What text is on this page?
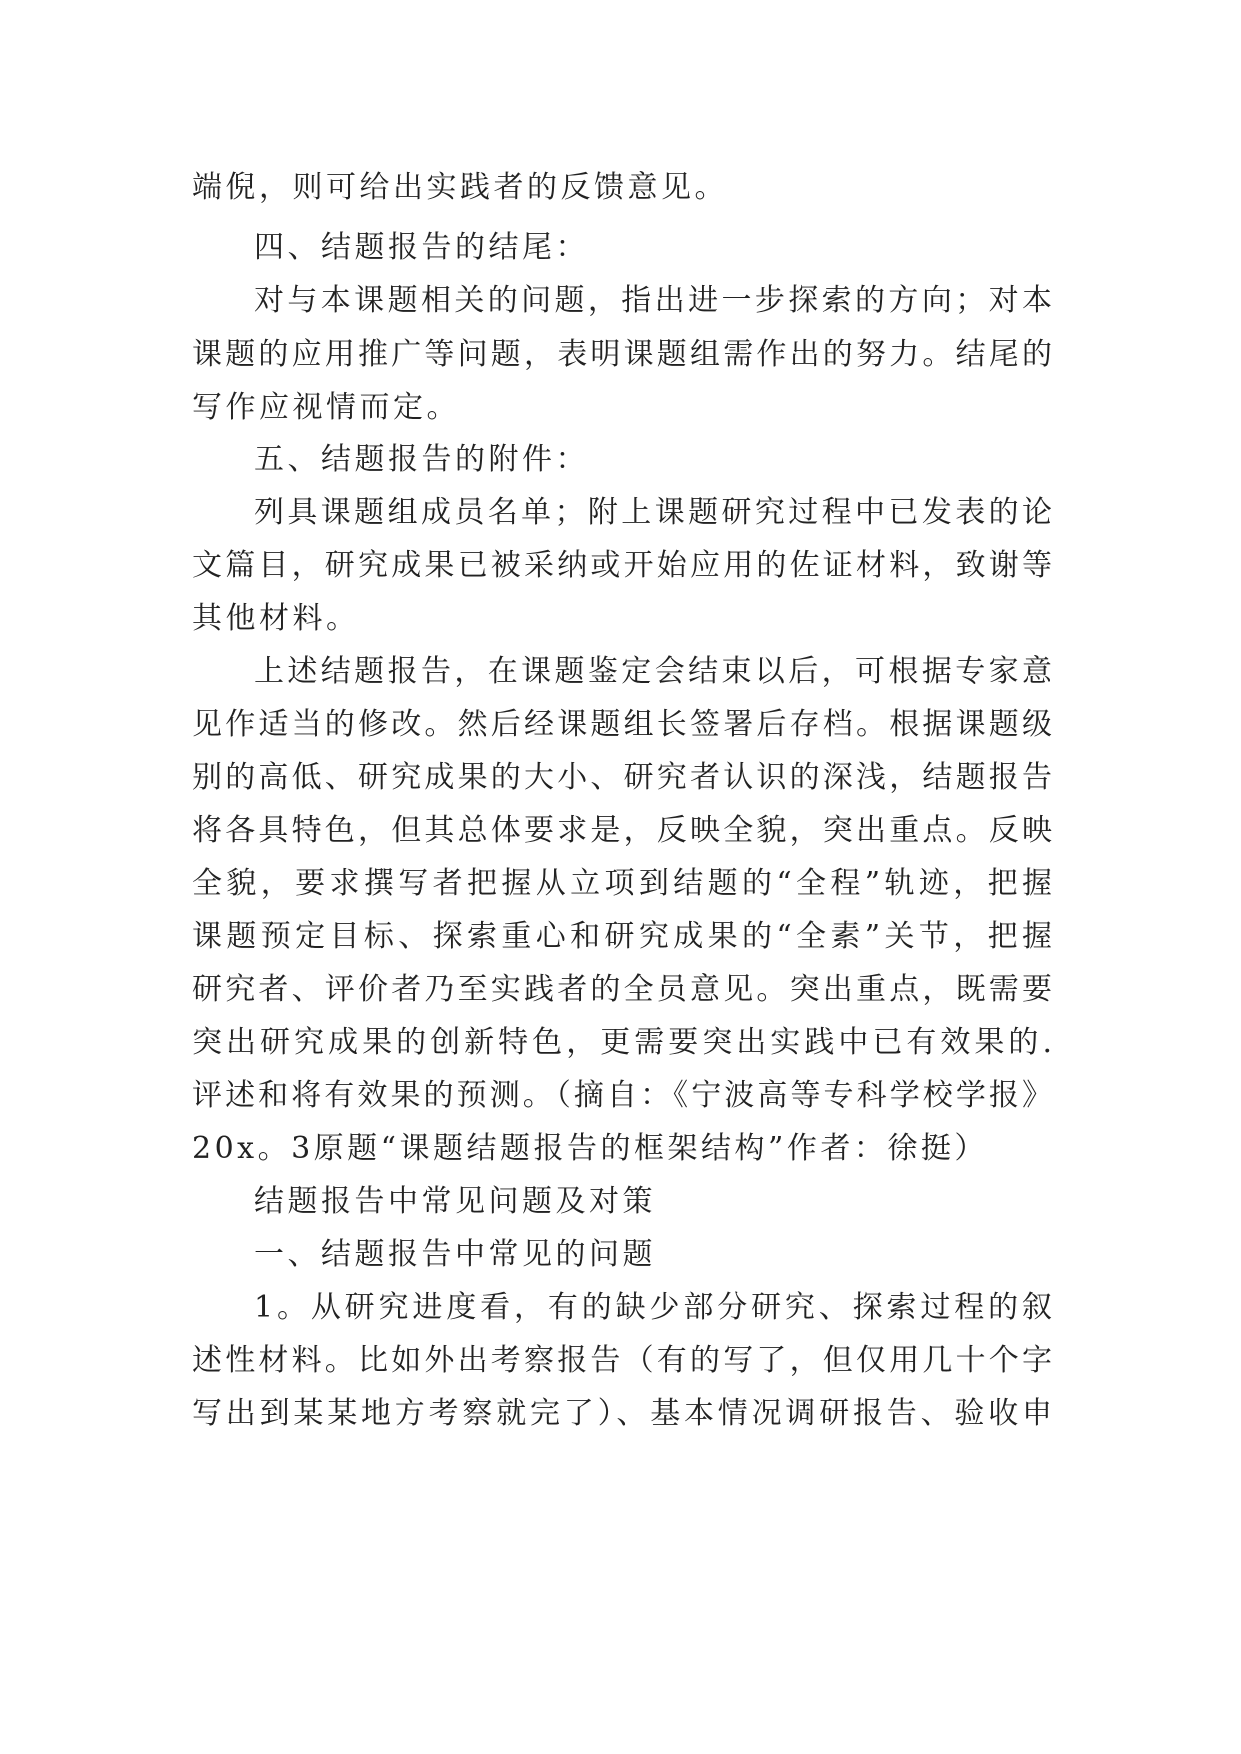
端倪，则可给出实践者的反馈意见。
四、结题报告的结尾：
对与本课题相关的问题，指出进一步探索的方向；对本
课题的应用推广等问题，表明课题组需作出的努力。结尾的
写作应视情而定。
五、结题报告的附件：
列具课题组成员名单；附上课题研究过程中已发表的论
文篇目，研究成果已被采纳或开始应用的佐证材料，致谢等
其他材料。
上述结题报告，在课题鉴定会结束以后，可根据专家意
见作适当的修改。然后经课题组长签署后存档。根据课题级
别的高低、研究成果的大小、研究者认识的深浅，结题报告
将各具特色，但其总体要求是，反映全貌，突出重点。反映
全貌，要求撰写者把握从立项到结题的“全程”轨迹，把握
课题预定目标、探索重心和研究成果的“全素”关节，把握
研究者、评价者乃至实践者的全员意见。突出重点，既需要
突出研究成果的创新特色，更需要突出实践中已有效果的.
评述和将有效果的预测。（摘自：《宁波高等专科学校学报》
20x。3原题“课题结题报告的框架结构”作者：徐挺）
结题报告中常见问题及对策
一、结题报告中常见的问题
1。从研究进度看，有的缺少部分研究、探索过程的叙
述性材料。比如外出考察报告（有的写了，但仅用几十个字
写出到某某地方考察就完了）、基本情况调研报告、验收申
